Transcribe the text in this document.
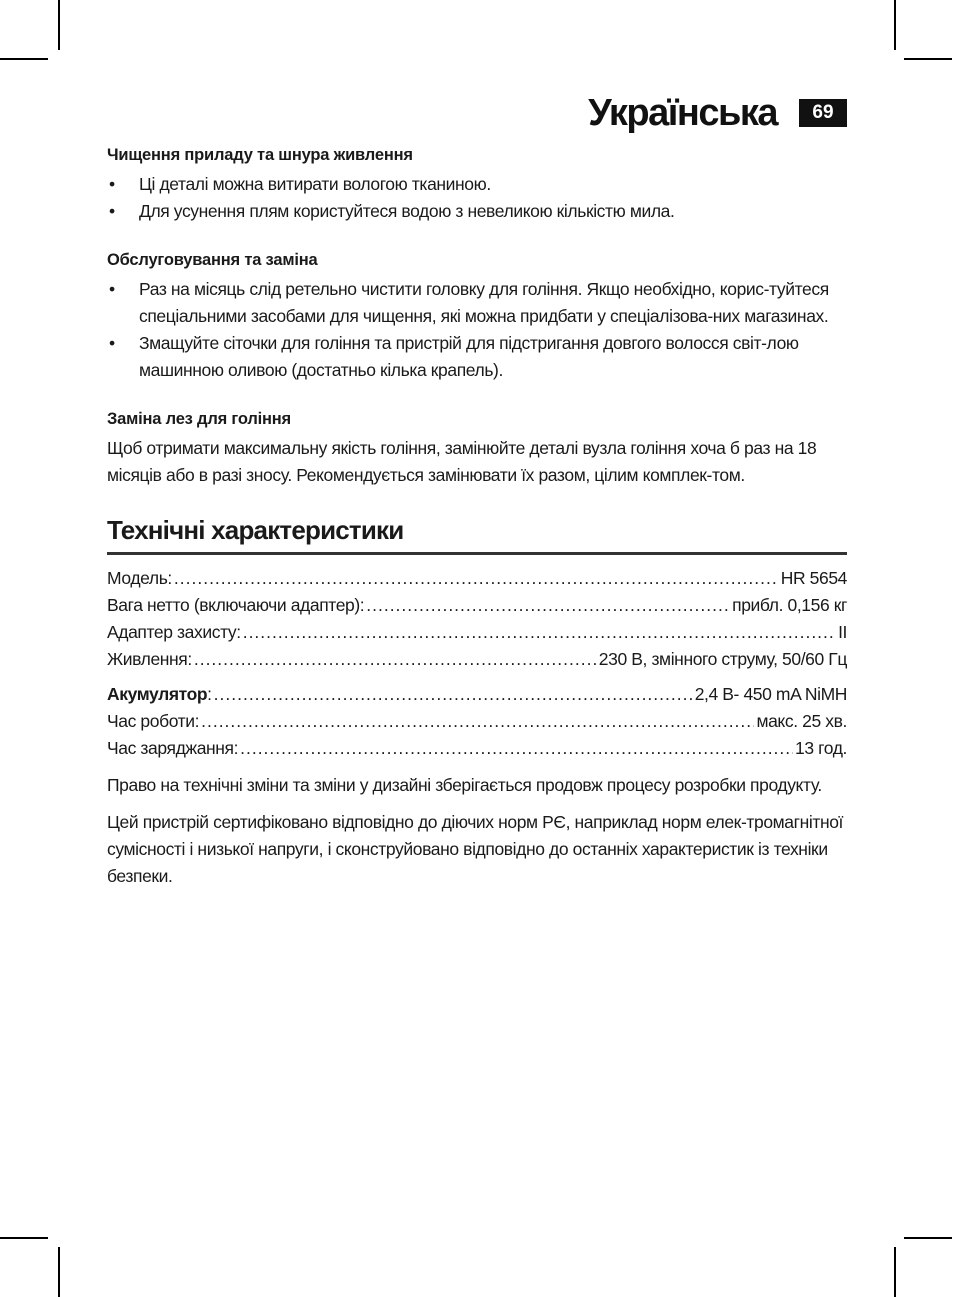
Українська	69
Чищення приладу та шнура живлення
• Ці деталі можна витирати вологою тканиною.
• Для усунення плям користуйтеся водою з невеликою кількістю мила.
Обслуговування та заміна
• Раз на місяць слід ретельно чистити головку для гоління. Якщо необхідно, корис-туйтеся спеціальними засобами для чищення, які можна придбати у спеціалізова-них магазинах.
• Змащуйте сіточки для гоління та пристрій для підстригання довгого волосся світ-лою машинною оливою (достатньо кілька крапель).
Заміна лез для гоління
Щоб отримати максимальну якість гоління, замінюйте деталі вузла гоління хоча б раз на 18 місяців або в разі зносу. Рекомендується замінювати їх разом, цілим комплек-том.
Технічні характеристики
Модель: .....	HR 5654
Вага нетто (включаючи адаптер): .....	прибл. 0,156 кг
Адаптер захисту: .....	II
Живлення: .....	230 В, змінного струму, 50/60 Гц
Акумулятор: .....	2,4 В- 450 mA NiMH
Час роботи: .....	макс. 25 хв.
Час заряджання: .....	13 год.

Право на технічні зміни та зміни у дизайні зберігається продовж процесу розробки продукту.

Цей пристрій сертифіковано відповідно до діючих норм РЄ, наприклад норм елек-тромагнітної сумісності і низької напруги, і сконструйовано відповідно до останніх характеристик із техніки безпеки.
